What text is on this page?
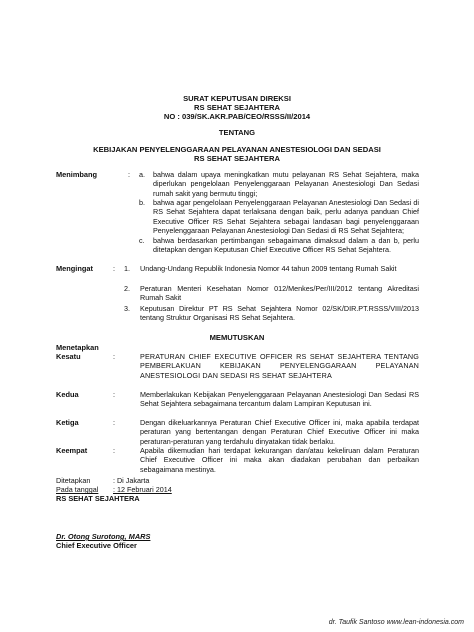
SURAT KEPUTUSAN DIREKSI
RS SEHAT SEJAHTERA
NO : 039/SK.AKR.PAB/CEO/RSSS/II/2014
TENTANG
KEBIJAKAN PENYELENGGARAAN PELAYANAN ANESTESIOLOGI DAN SEDASI
RS SEHAT SEJAHTERA
Menimbang	: a. bahwa dalam upaya meningkatkan mutu pelayanan RS Sehat Sejahtera, maka diperlukan pengelolaan Penyelenggaraan Pelayanan Anestesiologi Dan Sedasi rumah sakit yang bermutu tinggi;
b. bahwa agar pengelolaan Penyelenggaraan Pelayanan Anestesiologi Dan Sedasi di RS Sehat Sejahtera dapat terlaksana dengan baik, perlu adanya panduan Chief Executive Officer RS Sehat Sejahtera sebagai landasan bagi penyelenggaraan Penyelenggaraan Pelayanan Anestesiologi Dan Sedasi di RS Sehat Sejahtera;
c. bahwa berdasarkan pertimbangan sebagaimana dimaksud dalam a dan b, perlu ditetapkan dengan Keputusan Chief Executive Officer RS Sehat Sejahtera.
Mengingat	: 1. Undang-Undang Republik Indonesia Nomor 44 tahun 2009 tentang Rumah Sakit
2. Peraturan Menteri Kesehatan Nomor 012/Menkes/Per/III/2012 tentang Akreditasi Rumah Sakit
3. Keputusan Direktur PT RS Sehat Sejahtera Nomor 02/SK/DIR.PT.RSSS/VIII/2013 tentang Struktur Organisasi RS Sehat Sejahtera.
MEMUTUSKAN
Menetapkan
Kesatu	:	PERATURAN CHIEF EXECUTIVE OFFICER RS SEHAT SEJAHTERA TENTANG PEMBERLAKUAN KEBIJAKAN PENYELENGGARAAN PELAYANAN ANESTESIOLOGI DAN SEDASI RS SEHAT SEJAHTERA
Kedua	:	Memberlakukan Kebijakan Penyelenggaraan Pelayanan Anestesiologi Dan Sedasi RS Sehat Sejahtera sebagaimana tercantum dalam Lampiran Keputusan ini.
Ketiga	:	Dengan dikeluarkannya Peraturan Chief Executive Officer ini, maka apabila terdapat peraturan yang bertentangan dengan Peraturan Chief Executive Officer ini maka peraturan-peraturan yang terdahulu dinyatakan tidak berlaku.
Keempat	:	Apabila dikemudian hari terdapat kekurangan dan/atau kekeliruan dalam Peraturan Chief Executive Officer ini maka akan diadakan perubahan dan perbaikan sebagaimana mestinya.
Ditetapkan	: Di Jakarta
Pada tanggal : 12 Februari 2014
RS SEHAT SEJAHTERA
Dr. Otong Surotong, MARS
Chief Executive Officer
dr. Taufik Santoso www.lean-indonesia.com
